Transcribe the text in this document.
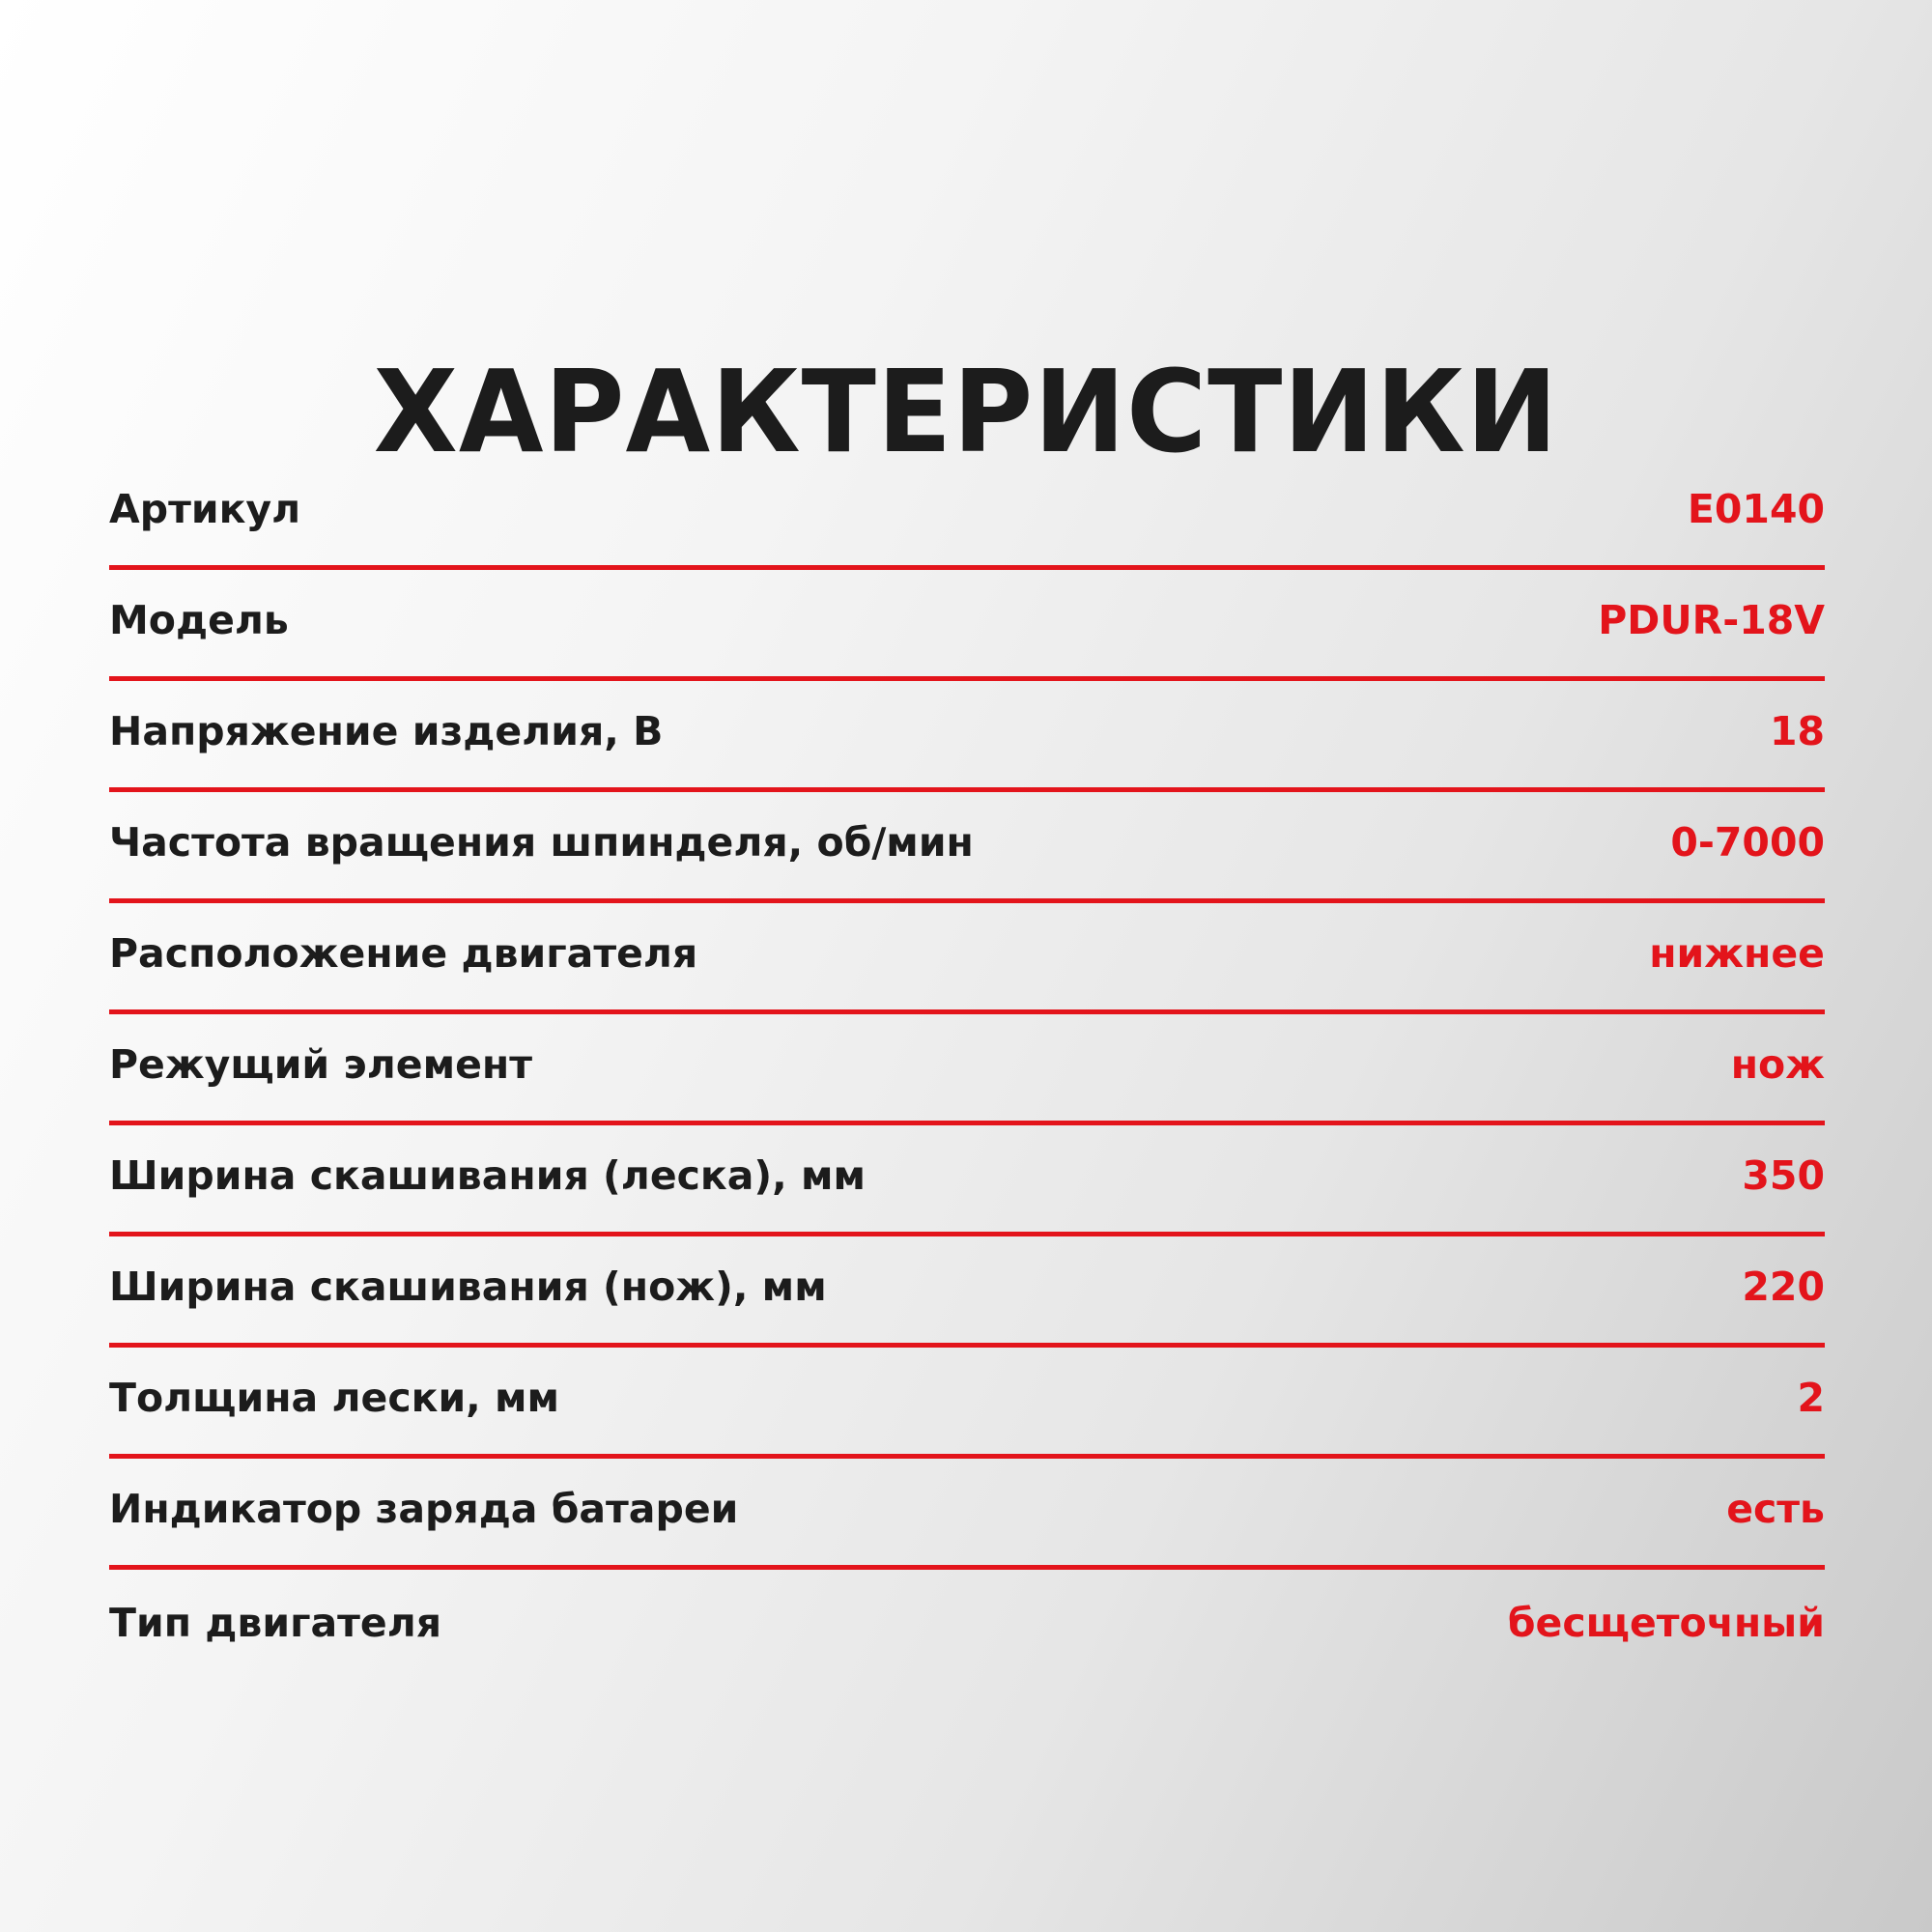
ХАРАКТЕРИСТИКИ
Артикул	E0140
Модель	PDUR-18V
Напряжение изделия, В	18
Частота вращения шпинделя, об/мин	0-7000
Расположение двигателя	нижнее
Режущий элемент	нож
Ширина скашивания (леска), мм	350
Ширина скашивания (нож), мм	220
Толщина лески, мм	2
Индикатор заряда батареи	есть
Тип двигателя	бесщеточный
